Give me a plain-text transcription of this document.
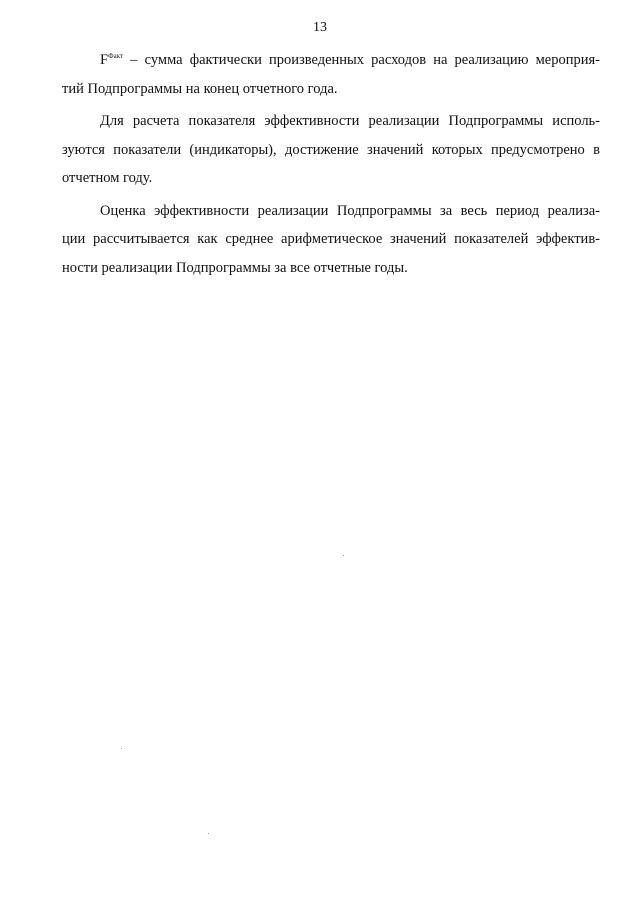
13
$F^{Факт}$ – сумма фактически произведенных расходов на реализацию мероприя-
тий Подпрограммы на конец отчетного года.
Для расчета показателя эффективности реализации Подпрограммы исполь-
зуются показатели (индикаторы), достижение значений которых предусмотрено в
отчетном году.
Оценка эффективности реализации Подпрограммы за весь период реализа-
ции рассчитывается как среднее арифметическое значений показателей эффектив-
ности реализации Подпрограммы за все отчетные годы.
